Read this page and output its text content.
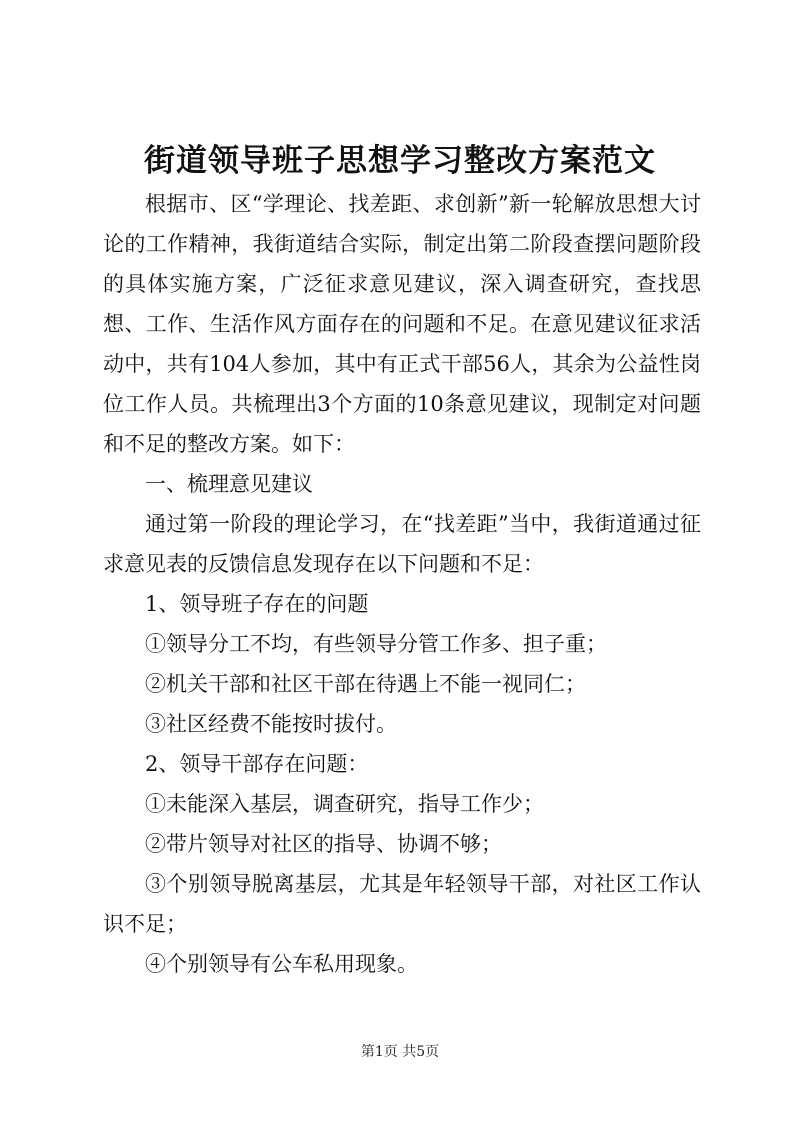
街道领导班子思想学习整改方案范文

根据市、区“学理论、找差距、求创新”新一轮解放思想大讨论的工作精神，我街道结合实际，制定出第二阶段查摆问题阶段的具体实施方案，广泛征求意见建议，深入调查研究，查找思想、工作、生活作风方面存在的问题和不足。在意见建议征求活动中，共有104人参加，其中有正式干部56人，其余为公益性岗位工作人员。共梳理出3个方面的10条意见建议，现制定对问题和不足的整改方案。如下：

一、梳理意见建议

通过第一阶段的理论学习，在“找差距”当中，我街道通过征求意见表的反馈信息发现存在以下问题和不足：

1、领导班子存在的问题

①领导分工不均，有些领导分管工作多、担子重；

②机关干部和社区干部在待遇上不能一视同仁；

③社区经费不能按时拔付。

2、领导干部存在问题：

①未能深入基层，调查研究，指导工作少；

②带片领导对社区的指导、协调不够；

③个别领导脱离基层，尤其是年轻领导干部，对社区工作认识不足；

④个别领导有公车私用现象。

第1页 共5页
